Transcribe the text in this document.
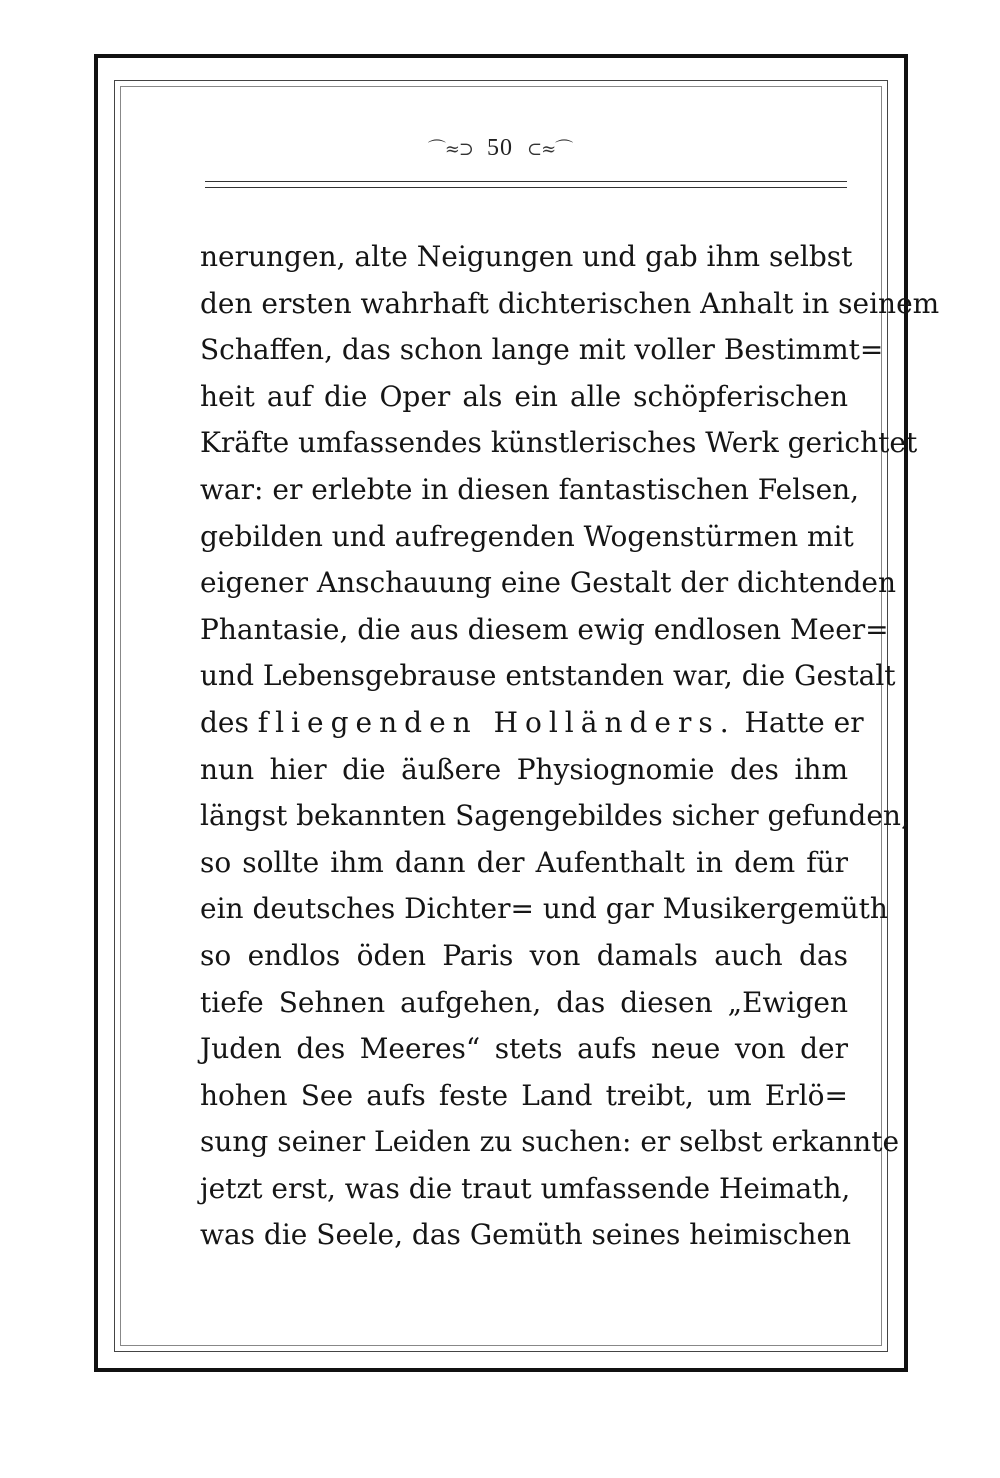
⌒≈⊃ 50 ⊂≈⌒
nerungen, alte Neigungen und gab ihm selbst
den ersten wahrhaft dichterischen Anhalt in seinem
Schaffen, das schon lange mit voller Bestimmt=
heit auf die Oper als ein alle schöpferischen
Kräfte umfassendes künstlerisches Werk gerichtet
war: er erlebte in diesen fantastischen Felsen,
gebilden und aufregenden Wogenstürmen mit
eigener Anschauung eine Gestalt der dichtenden
Phantasie, die aus diesem ewig endlosen Meer=
und Lebensgebrause entstanden war, die Gestalt
des fliegenden Holländers. Hatte er
nun hier die äußere Physiognomie des ihm
längst bekannten Sagengebildes sicher gefunden,
so sollte ihm dann der Aufenthalt in dem für
ein deutsches Dichter= und gar Musikergemüth
so endlos öden Paris von damals auch das
tiefe Sehnen aufgehen, das diesen „Ewigen
Juden des Meeres“ stets aufs neue von der
hohen See aufs feste Land treibt, um Erlö=
sung seiner Leiden zu suchen: er selbst erkannte
jetzt erst, was die traut umfassende Heimath,
was die Seele, das Gemüth seines heimischen
